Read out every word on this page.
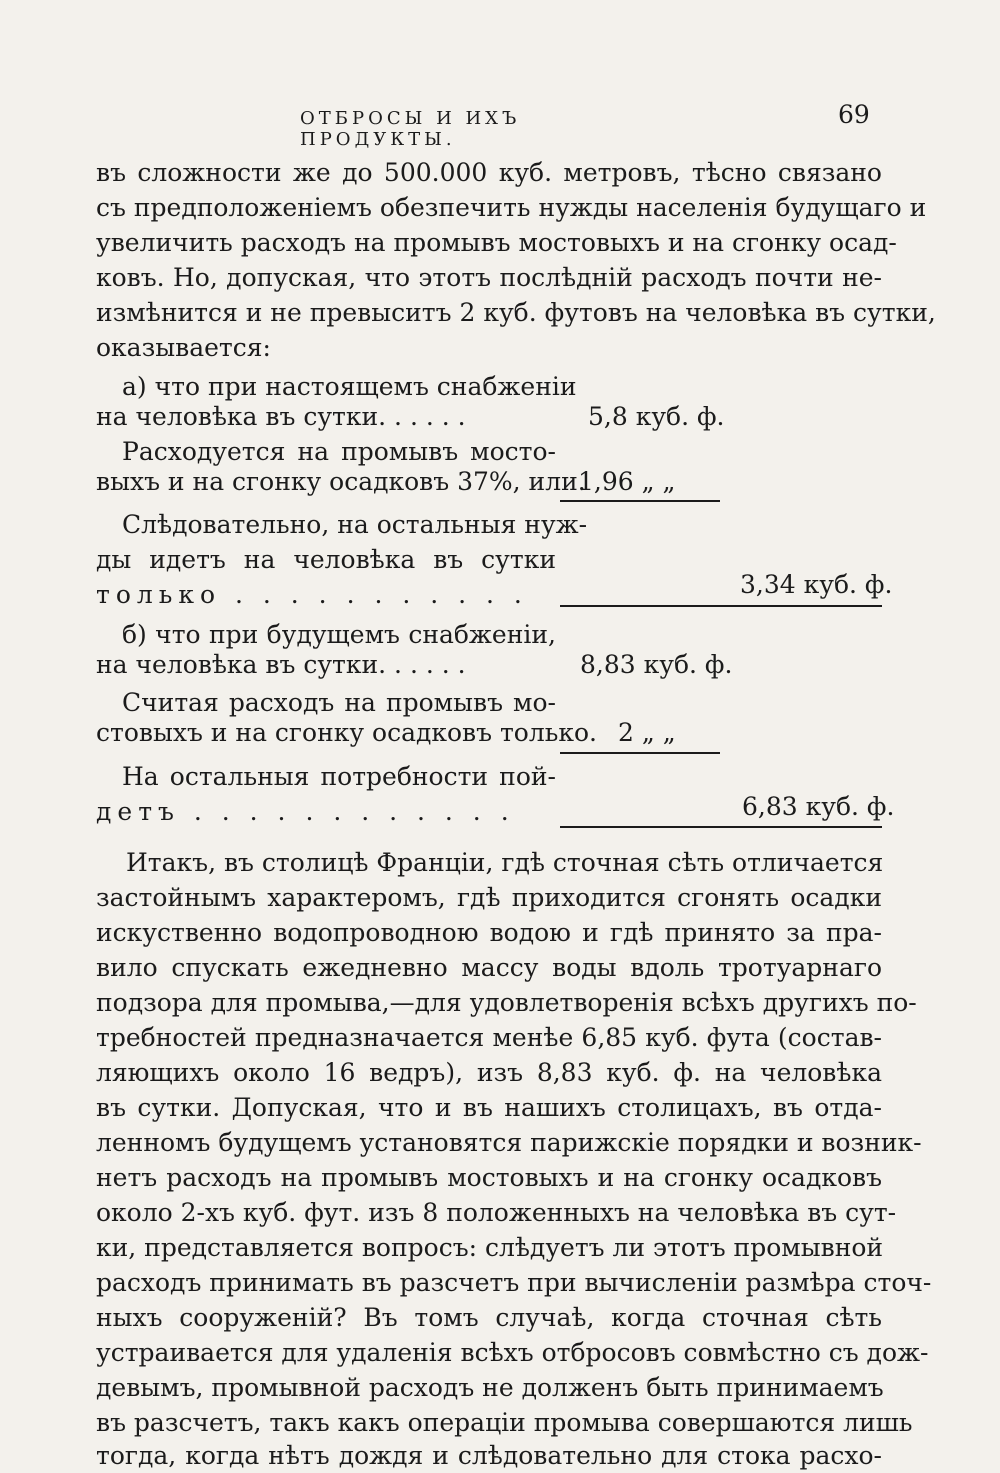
ОТБРОСЫ И ИХЪ ПРОДУКТЫ.
69
въ сложности же до 500.000 куб. метровъ, тѣсно связано
съ предположеніемъ обезпечить нужды населенія будущаго и
увеличить расходъ на промывъ мостовыхъ и на сгонку осад-
ковъ. Но, допуская, что этотъ послѣдній расходъ почти не-
измѣнится и не превыситъ 2 куб. футовъ на человѣка въ сутки,
оказывается:
а) что при настоящемъ снабженіи
на человѣка въ сутки. . . . . .	5,8 куб. ф.
Расходуется на промывъ мосто-
выхъ и на сгонку осадковъ 37%, или.
1,96 „ „
Слѣдовательно, на остальныя нуж-
ды идетъ на человѣка въ сутки
только . . . . . . . . . . .	3,34 куб. ф.
б) что при будущемъ снабженіи,
на человѣка въ сутки. . . . . .	8,83 куб. ф.
Считая расходъ на промывъ мо-
стовыхъ и на сгонку осадковъ только. 2 „ „
На остальныя потребности пой-
детъ . . . . . . . . . . . .	6,83 куб. ф.
Итакъ, въ столицѣ Франціи, гдѣ сточная сѣть отличается
застойнымъ характеромъ, гдѣ приходится сгонять осадки
искуственно водопроводною водою и гдѣ принято за пра-
вило спускать ежедневно массу воды вдоль тротуарнаго
подзора для промыва,—для удовлетворенія всѣхъ другихъ по-
требностей предназначается менѣе 6,85 куб. фута (состав-
ляющихъ около 16 ведръ), изъ 8,83 куб. ф. на человѣка
въ сутки. Допуская, что и въ нашихъ столицахъ, въ отда-
ленномъ будущемъ установятся парижскіе порядки и возник-
нетъ расходъ на промывъ мостовыхъ и на сгонку осадковъ
около 2-хъ куб. фут. изъ 8 положенныхъ на человѣка въ сут-
ки, представляется вопросъ: слѣдуетъ ли этотъ промывной
расходъ принимать въ разсчетъ при вычисленіи размѣра сточ-
ныхъ сооруженій? Въ томъ случаѣ, когда сточная сѣть
устраивается для удаленія всѣхъ отбросовъ совмѣстно съ дож-
девымъ, промывной расходъ не долженъ быть принимаемъ
въ разсчетъ, такъ какъ операціи промыва совершаются лишь
тогда, когда нѣтъ дождя и слѣдовательно для стока расхо-
